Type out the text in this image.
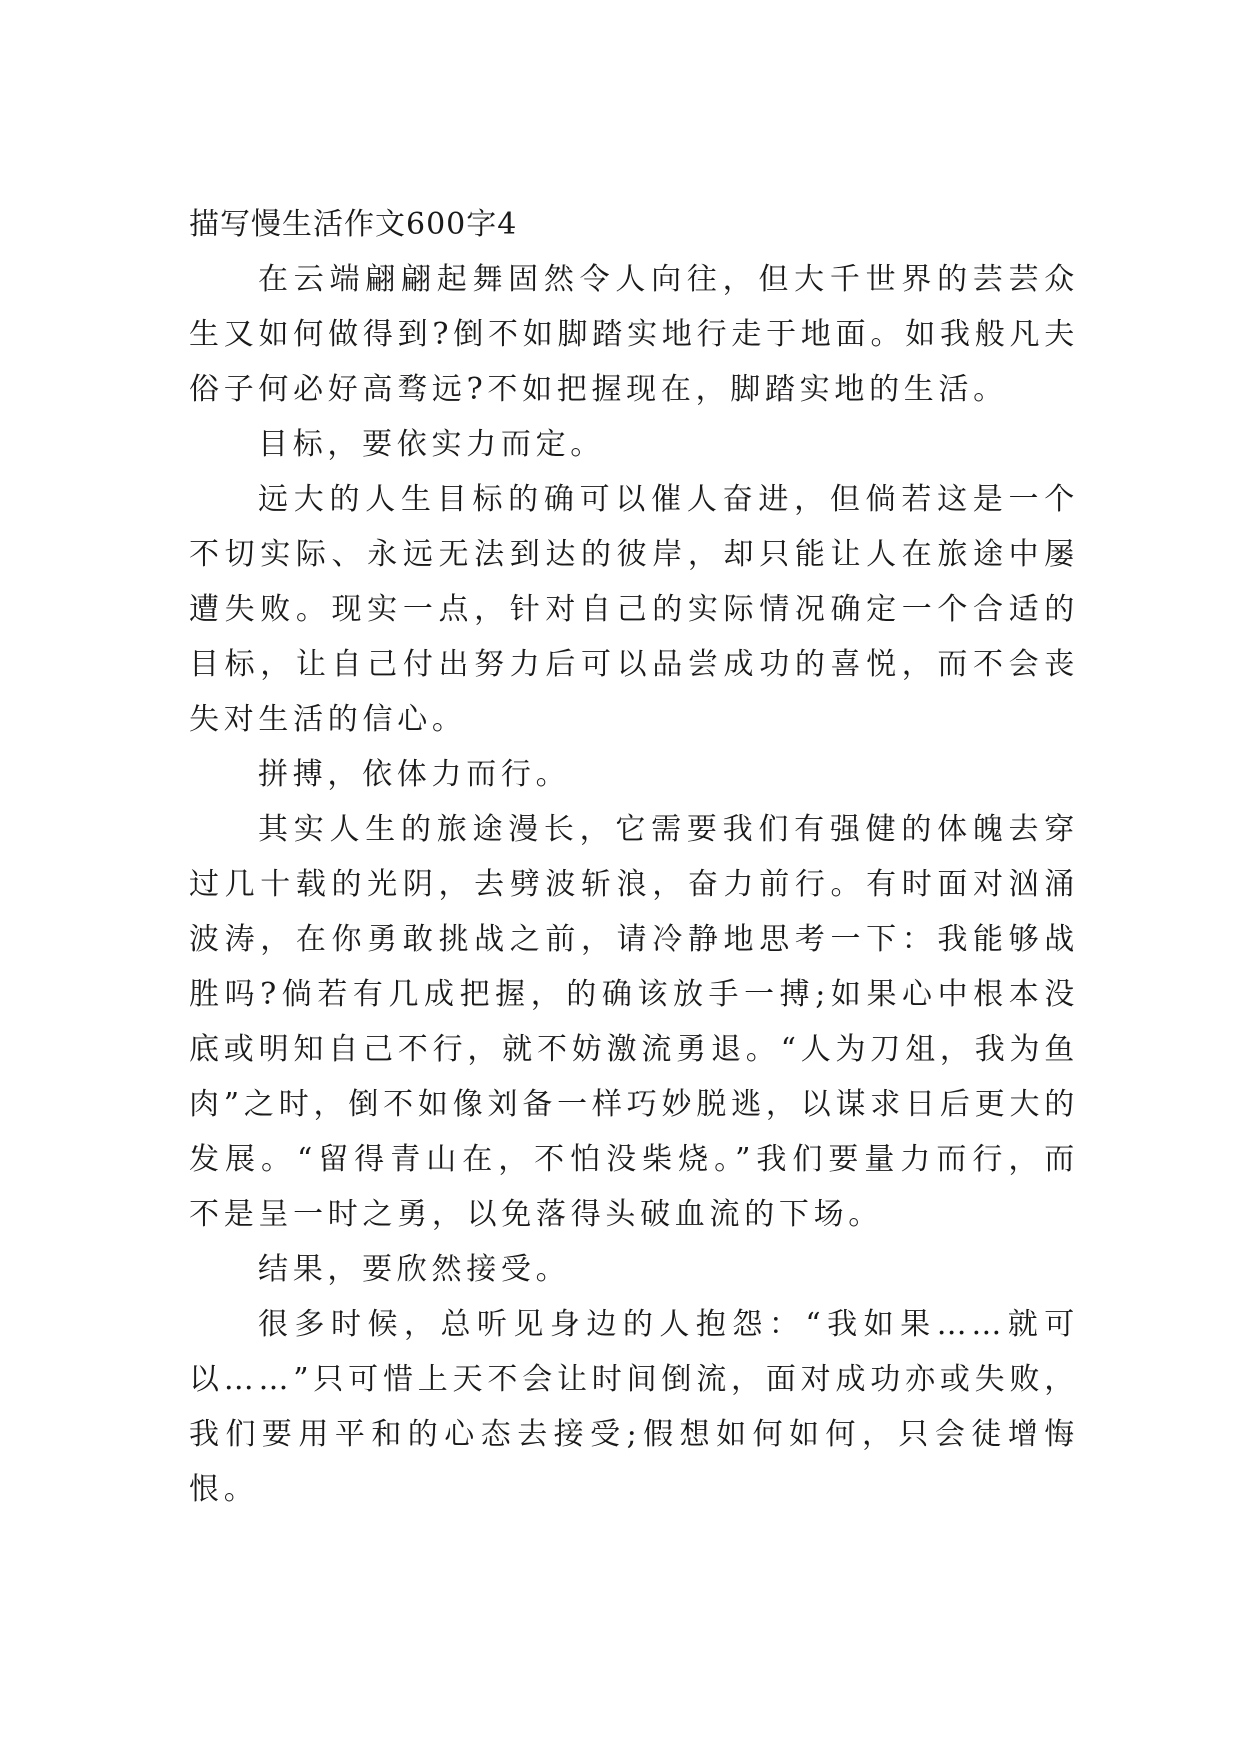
描写慢生活作文600字4

在云端翩翩起舞固然令人向往，但大千世界的芸芸众生又如何做得到?倒不如脚踏实地行走于地面。如我般凡夫俗子何必好高骛远?不如把握现在，脚踏实地的生活。

目标，要依实力而定。

远大的人生目标的确可以催人奋进，但倘若这是一个不切实际、永远无法到达的彼岸，却只能让人在旅途中屡遭失败。现实一点，针对自己的实际情况确定一个合适的目标，让自己付出努力后可以品尝成功的喜悦，而不会丧失对生活的信心。

拼搏，依体力而行。

其实人生的旅途漫长，它需要我们有强健的体魄去穿过几十载的光阴，去劈波斩浪，奋力前行。有时面对汹涌波涛，在你勇敢挑战之前，请冷静地思考一下：我能够战胜吗?倘若有几成把握，的确该放手一搏;如果心中根本没底或明知自己不行，就不妨激流勇退。“人为刀俎，我为鱼肉”之时，倒不如像刘备一样巧妙脱逃，以谋求日后更大的发展。“留得青山在，不怕没柴烧。”我们要量力而行，而不是呈一时之勇，以免落得头破血流的下场。

结果，要欣然接受。

很多时候，总听见身边的人抱怨：“我如果……就可以……”只可惜上天不会让时间倒流，面对成功亦或失败，我们要用平和的心态去接受;假想如何如何，只会徒增悔恨。
